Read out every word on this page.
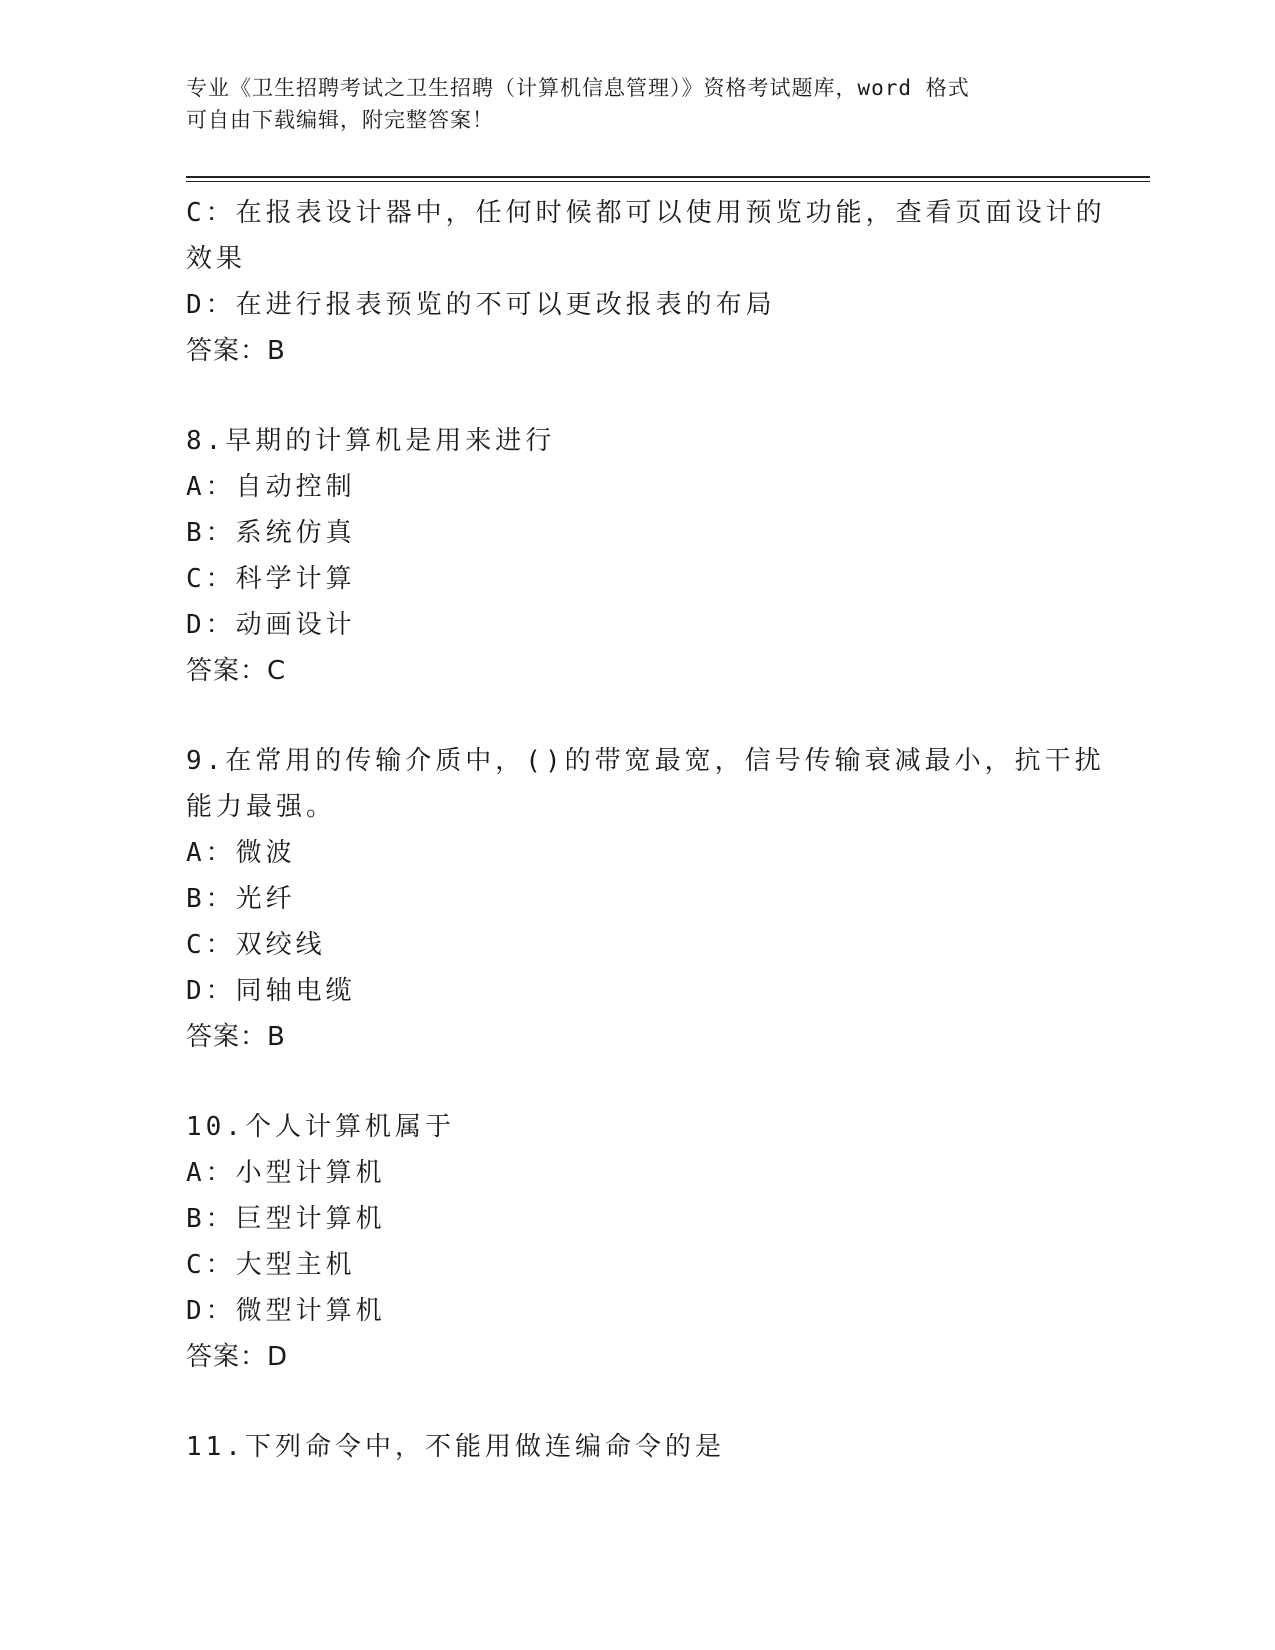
专业《卫生招聘考试之卫生招聘（计算机信息管理）》资格考试题库，word 格式
可自由下载编辑，附完整答案！
C：在报表设计器中，任何时候都可以使用预览功能，查看页面设计的
效果
D：在进行报表预览的不可以更改报表的布局
答案：B
8.早期的计算机是用来进行
A：自动控制
B：系统仿真
C：科学计算
D：动画设计
答案：C
9.在常用的传输介质中，()的带宽最宽，信号传输衰减最小，抗干扰
能力最强。
A：微波
B：光纤
C：双绞线
D：同轴电缆
答案：B
10.个人计算机属于
A：小型计算机
B：巨型计算机
C：大型主机
D：微型计算机
答案：D
11.下列命令中，不能用做连编命令的是
